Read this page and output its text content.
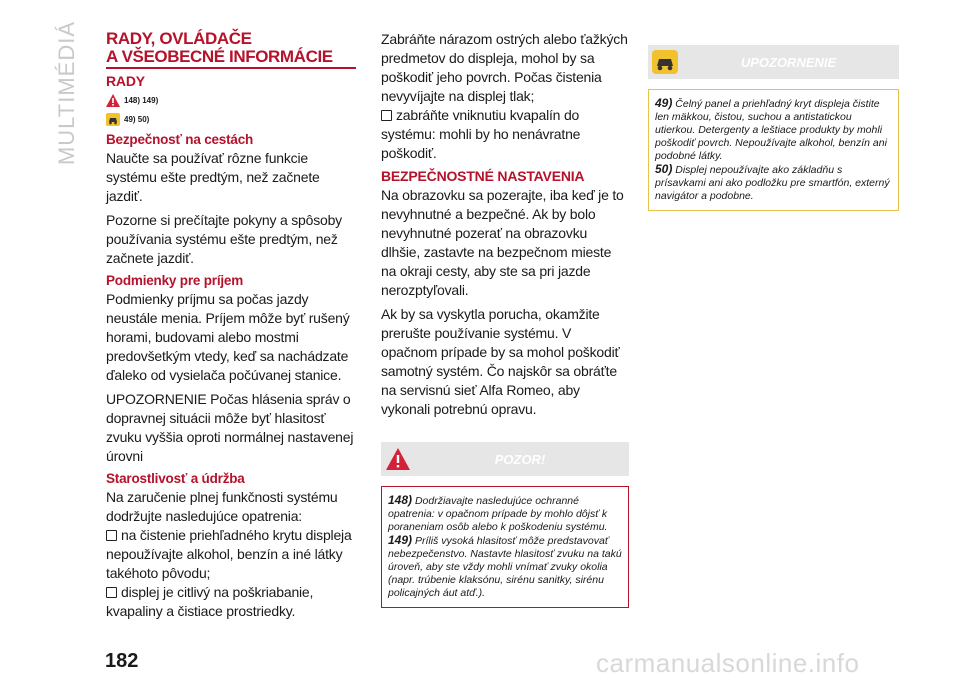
MULTIMÉDIÁ RADY, OVLÁDAČE
A VŠEOBECNÉ INFORMÁCIE
RADY
148) 149)
49) 50)
Bezpečnosť na cestách

Naučte sa používať rôzne funkcie systému ešte predtým, než začnete jazdiť.

Pozorne si prečítajte pokyny a spôsoby používania systému ešte predtým, než začnete jazdiť.

Podmienky pre príjem

Podmienky príjmu sa počas jazdy neustále menia. Príjem môže byť rušený horami, budovami alebo mostmi predovšetkým vtedy, keď sa nachádzate ďaleko od vysielača počúvanej stanice.

UPOZORNENIE Počas hlásenia správ o dopravnej situácii môže byť hlasitosť zvuku vyššia oproti normálnej nastavenej úrovni

Starostlivosť a údržba

Na zaručenie plnej funkčnosti systému dodržujte nasledujúce opatrenia:

na čistenie priehľadného krytu displeja nepoužívajte alkohol, benzín a iné látky takéhoto pôvodu;

displej je citlivý na poškriabanie, kvapaliny a čistiace prostriedky.

Zabráňte nárazom ostrých alebo ťažkých predmetov do displeja, mohol by sa poškodiť jeho povrch. Počas čistenia nevyvíjajte na displej tlak;

zabráňte vniknutiu kvapalín do systému: mohli by ho nenávratne poškodiť.

BEZPEČNOSTNÉ NASTAVENIA

Na obrazovku sa pozerajte, iba keď je to nevyhnutné a bezpečné. Ak by bolo nevyhnutné pozerať na obrazovku dlhšie, zastavte na bezpečnom mieste na okraji cesty, aby ste sa pri jazde nerozptyľovali.

Ak by sa vyskytla porucha, okamžite prerušte používanie systému. V opačnom prípade by sa mohol poškodiť samotný systém. Čo najskôr sa obráťte na servisnú sieť Alfa Romeo, aby vykonali potrebnú opravu.

POZOR!
148) Dodržiavajte nasledujúce ochranné opatrenia: v opačnom prípade by mohlo dôjsť k poraneniam osôb alebo k poškodeniu systému.
149) Príliš vysoká hlasitosť môže predstavovať nebezpečenstvo. Nastavte hlasitosť zvuku na takú úroveň, aby ste vždy mohli vnímať zvuky okolia (napr. trúbenie klaksónu, sirénu sanitky, sirénu policajných áut atď.).
UPOZORNENIE
49) Čelný panel a priehľadný kryt displeja čistite len mäkkou, čistou, suchou a antistatickou utierkou. Detergenty a leštiace produkty by mohli poškodiť povrch. Nepoužívajte alkohol, benzín ani podobné látky.
50) Displej nepoužívajte ako základňu s prísavkami ani ako podložku pre smartfón, externý navigátor a podobne.
182	carmanualsonline.info
